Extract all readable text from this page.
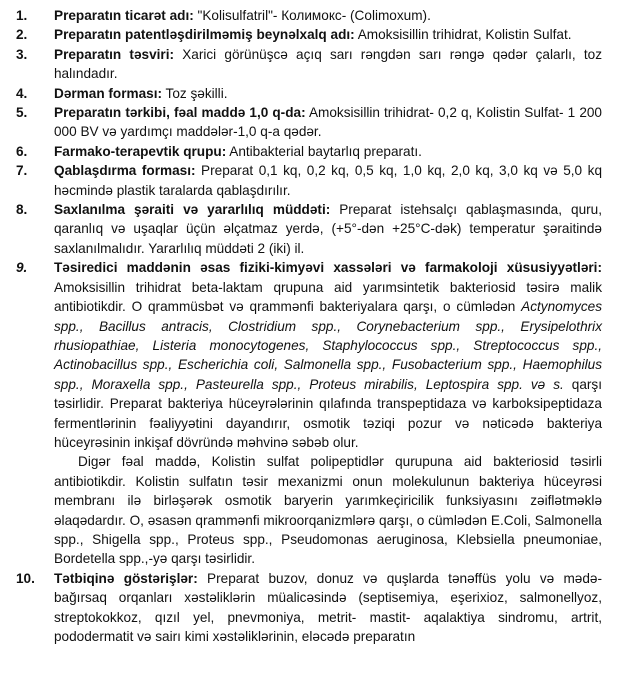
1.	Preparatın ticarət adı: "Kolisulfatril"- Колимокс- (Colimoxum).
2.	Preparatın patentləşdirilməmiş beynəlxalq adı: Amoksisillin trihidrat, Kolistin Sulfat.
3.	Preparatın təsviri: Xarici görünüşcə açıq sarı rəngdən sarı rəngə qədər çalarlı, toz halındadır.
4.	Dərman forması: Toz şəkilli.
5.	Preparatın tərkibi, fəal maddə 1,0 q-da: Amoksisillin trihidrat- 0,2 q, Kolistin Sulfat- 1 200 000 BV və yardımçı maddələr-1,0 q-a qədər.
6.	Farmako-terapevtik qrupu: Antibakterial baytarlıq preparatı.
7.	Qablaşdırma forması: Preparat 0,1 kq, 0,2 kq, 0,5 kq, 1,0 kq, 2,0 kq, 3,0 kq və 5,0 kq həcmində plastik taralarda qablaşdırılır.
8.	Saxlanılma şəraiti və yararlılıq müddəti: Preparat istehsalçı qablaşmasında, quru, qaranlıq və uşaqlar üçün əlçatmaz yerdə, (+5°-dən +25°C-dək) temperatur şəraitində saxlanılmalıdır. Yararlılıq müddəti 2 (iki) il.
9.	Təsiredici maddənin əsas fiziki-kimyəvi xassələri və farmakoloji xüsusiyyətləri: Amoksisillin trihidrat beta-laktam qrupuna aid yarımsintetik bakteriosid təsirə malik antibiotikdir. O qrammüsbət və qrammənfi bakteriyalara qarşı, o cümlədən Actynomyces spp., Bacillus antracis, Clostridium spp., Corynebacterium spp., Erysipelothrix rhusiopathiae, Listeria monocytogenes, Staphylococcus spp., Streptococcus spp., Actinobacillus spp., Escherichia coli, Salmonella spp., Fusobacterium spp., Haemophilus spp., Moraxella spp., Pasteurella spp., Proteus mirabilis, Leptospira spp. və s. qarşı təsirlidir. Preparat bakteriya hüceyrələrinin qılafında transpeptidaza və karboksipeptidaza fermentlərinin fəaliyyətini dayandırır, osmotik təziqi pozur və nəticədə bakteriya hüceyrəsinin inkişaf dövründə məhvinə səbəb olur.
Digər fəal maddə, Kolistin sulfat polipeptidlər qurupuna aid bakteriosid təsirli antibiotikdir. Kolistin sulfatın təsir mexanizmi onun molekulunun bakteriya hüceyrəsi membranı ilə birləşərək osmotik baryerin yarımkeçiricilik funksiyasını zəiflətməklə əlaqədardır. O, əsasən qrammənfi mikroorqanizmlərə qarşı, o cümlədən E.Coli, Salmonella spp., Shigella spp., Proteus spp., Pseudomonas aeruginosa, Klebsiella pneumoniae, Bordetella spp.,-yə qarşı təsirlidir.
10.	Tətbiqinə göstərişlər: Preparat buzov, donuz və quşlarda tənəffüs yolu və mədə- bağırsaq orqanları xəstəliklərin müalicəsində (septisemiya, eşerixioz, salmonellyoz, streptokokkoz, qızıl yel, pnevmoniya, metrit- mastit- aqalaktiya sindromu, artrit, pododermatit və sairı kimi xəstəliklərinin, eləcədə preparatın
